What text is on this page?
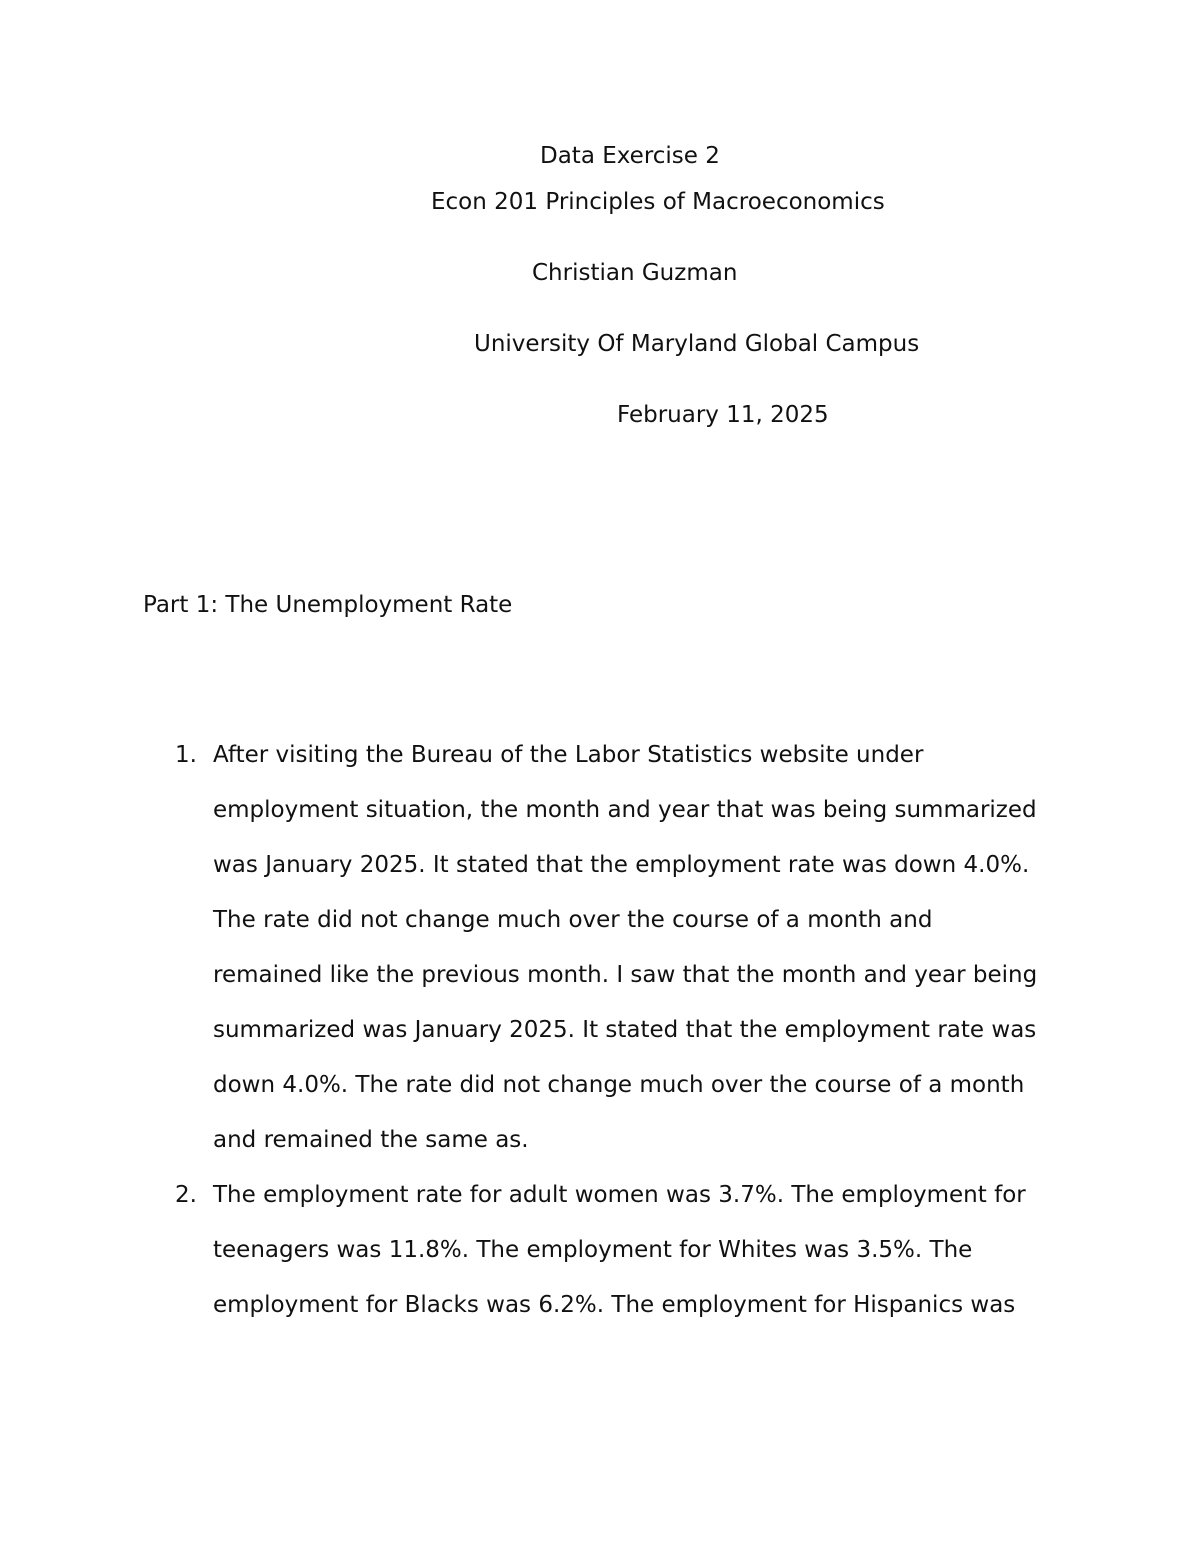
Data Exercise 2
Econ 201 Principles of Macroeconomics
Christian Guzman
University Of Maryland Global Campus
February 11, 2025
Part 1: The Unemployment Rate
1. After visiting the Bureau of the Labor Statistics website under
employment situation, the month and year that was being summarized
was January 2025. It stated that the employment rate was down 4.0%.
The rate did not change much over the course of a month and
remained like the previous month. I saw that the month and year being
summarized was January 2025. It stated that the employment rate was
down 4.0%. The rate did not change much over the course of a month
and remained the same as.
2. The employment rate for adult women was 3.7%. The employment for
teenagers was 11.8%. The employment for Whites was 3.5%. The
employment for Blacks was 6.2%. The employment for Hispanics was
